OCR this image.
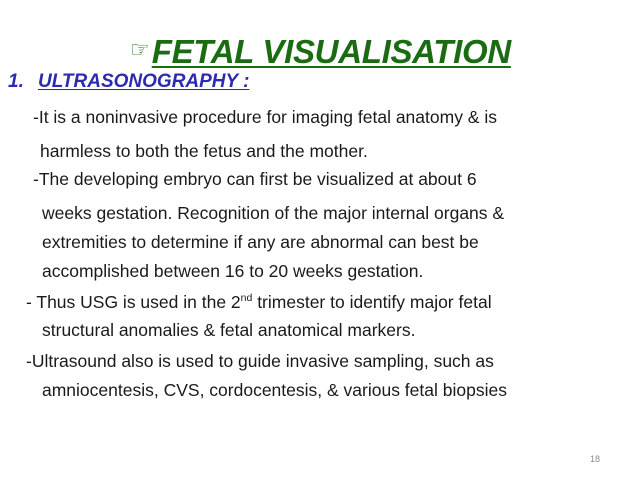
☞ FETAL VISUALISATION
1. ULTRASONOGRAPHY :
-It is a noninvasive procedure for imaging fetal anatomy & is
harmless to both the fetus and the mother.
-The developing embryo can first be visualized at about 6
weeks gestation. Recognition of the major internal organs &
extremities to determine if any are abnormal can best be
accomplished between 16 to 20 weeks gestation.
- Thus USG is used in the 2nd trimester to identify major fetal
structural anomalies & fetal anatomical markers.
-Ultrasound also is used to guide invasive sampling, such as
amniocentesis, CVS, cordocentesis, & various fetal biopsies
18
